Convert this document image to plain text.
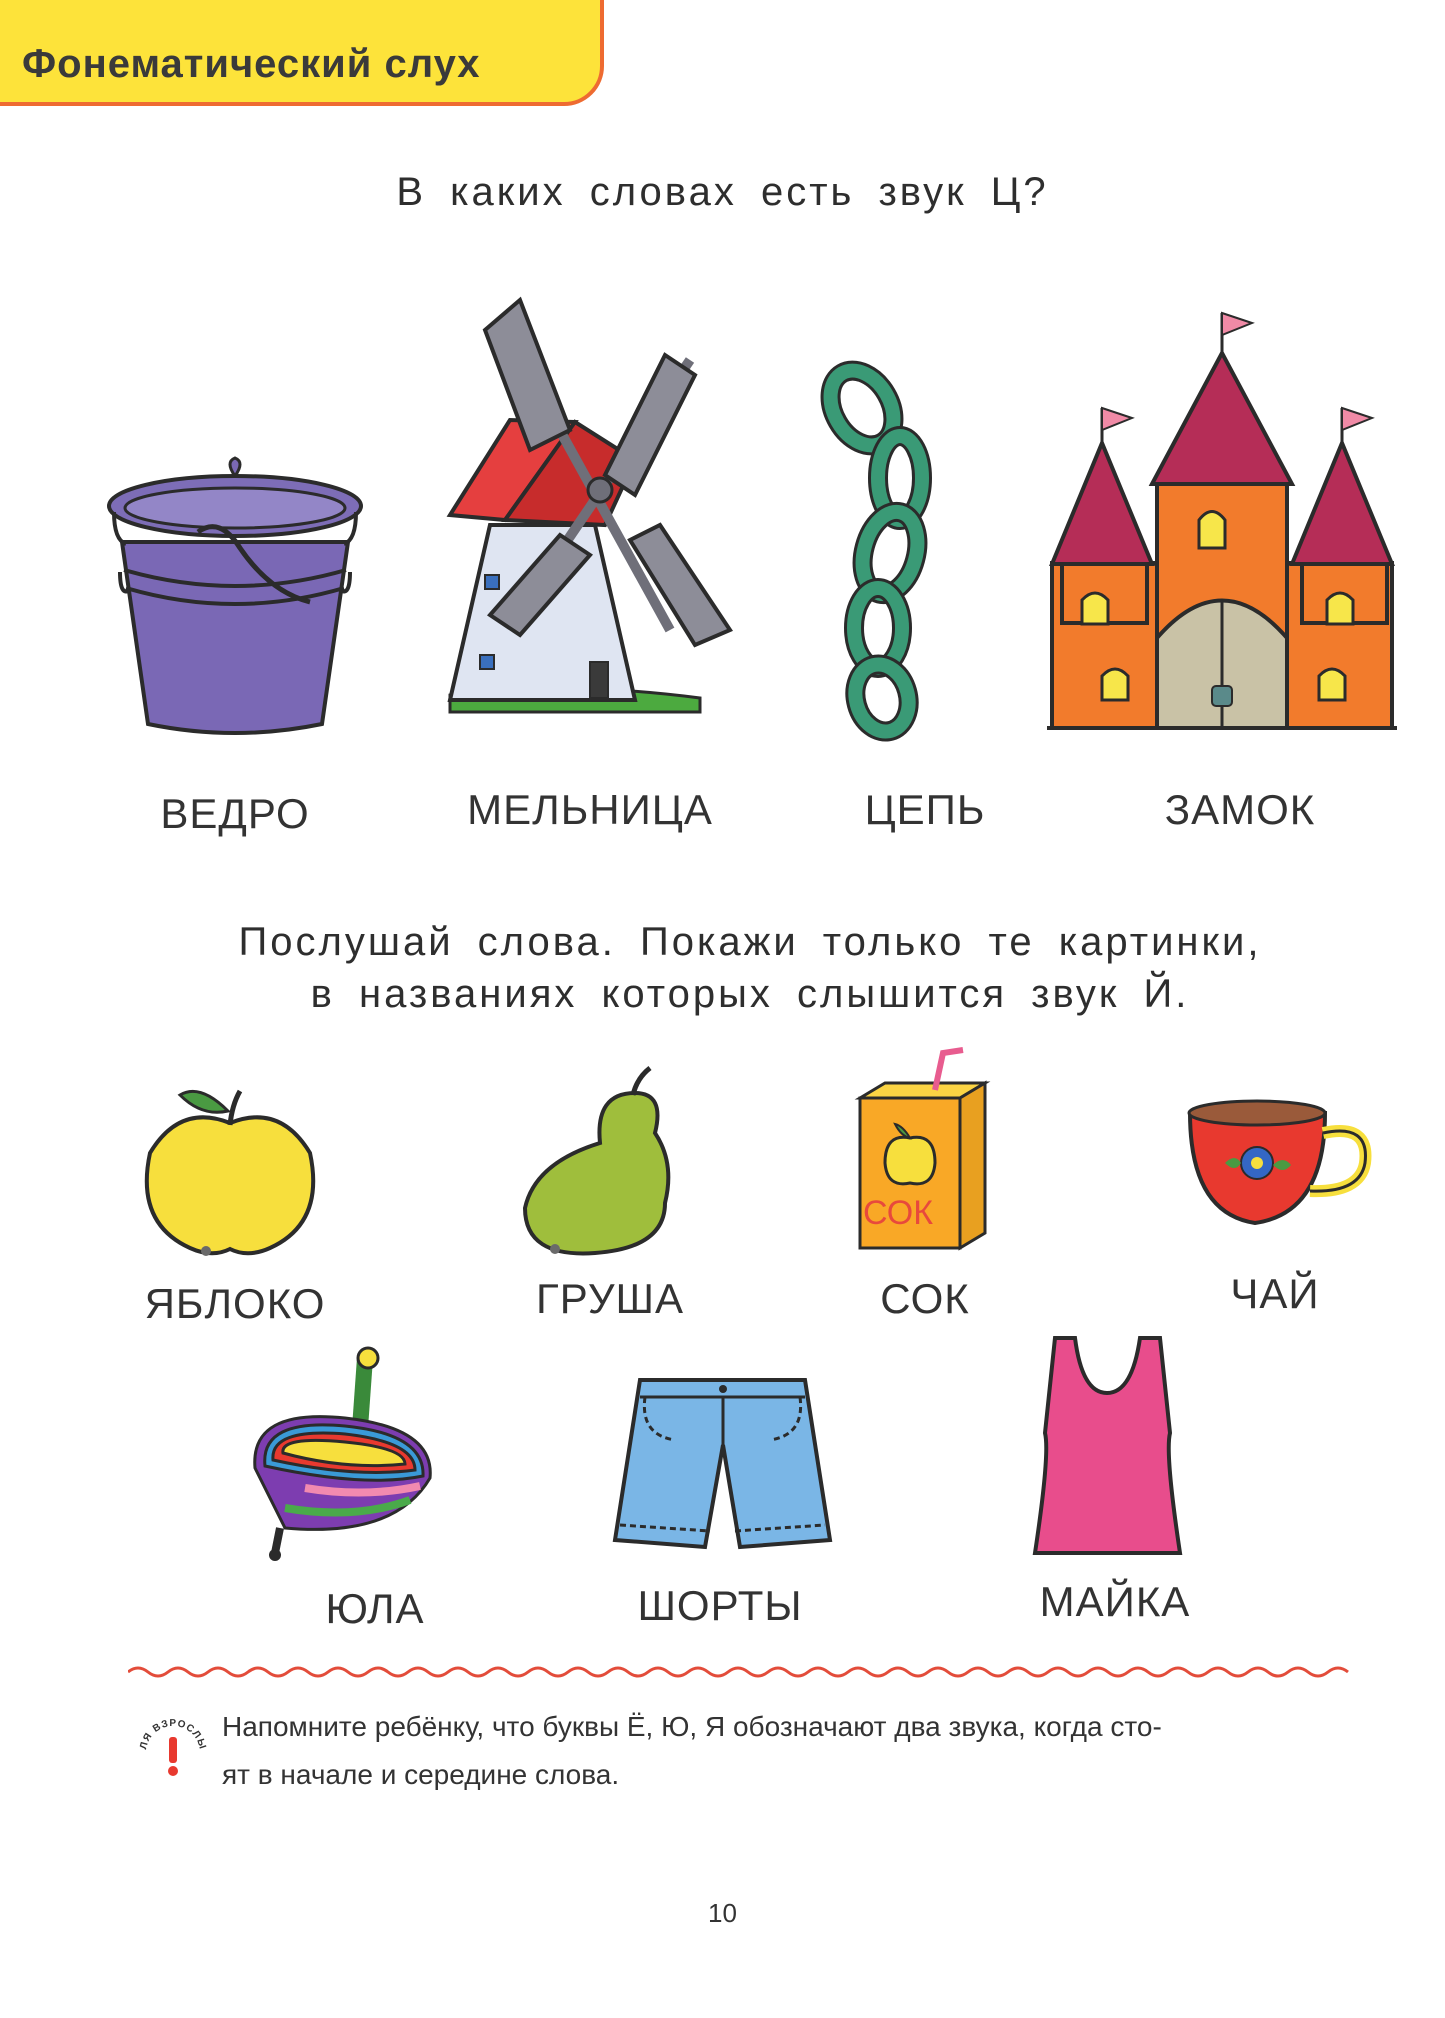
Фонематический слух
В каких словах есть звук Ц?
ВЕДРО	МЕЛЬНИЦА	ЦЕПЬ	ЗАМОК
Послушай слова. Покажи только те картинки,
в названиях которых слышится звук Й.
СОК
ЯБЛОКО	ГРУША	СОК	ЧАЙ
ЮЛА	ШОРТЫ	МАЙКА
ДЛЯ ВЗРОСЛЫХ
Напомните ребёнку, что буквы Ё, Ю, Я обозначают два звука, когда сто-
ят в начале и середине слова.
10
